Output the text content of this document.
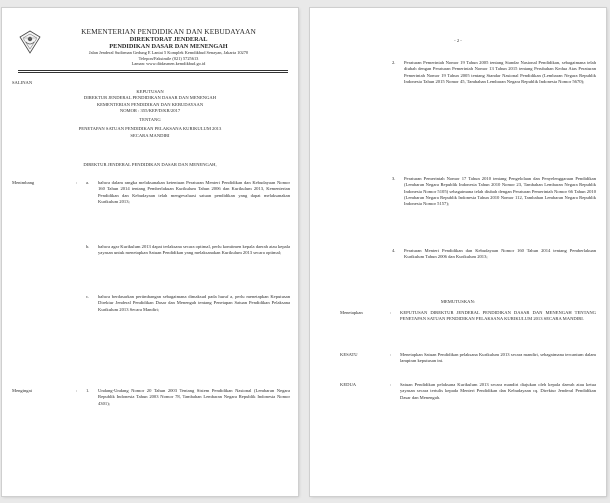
KEMENTERIAN PENDIDIKAN DAN KEBUDAYAAN
DIREKTORAT JENDERAL
PENDIDIKAN DASAR DAN MENENGAH
Jalan Jenderal Sudirman Gedung E Lantai 5 Komplek Kemdikbud Senayan, Jakarta 10270
Telepon/Faksimile (021) 5725613
Laman: www.ditdasmen.kemdikbud.go.id
SALINAN
KEPUTUSAN
DIREKTUR JENDERAL PENDIDIKAN DASAR DAN MENENGAH
KEMENTERIAN PENDIDIKAN DAN KEBUDAYAAN
NOMOR : 355/KEP/D/KR/2017
TENTANG
PENETAPAN SATUAN PENDIDIKAN PELAKSANA KURIKULUM 2013
SECARA MANDIRI
DIREKTUR JENDERAL PENDIDIKAN DASAR DAN MENENGAH,
Menimbang	: a.	bahwa dalam rangka melaksanakan ketentuan Peraturan Menteri Pendidikan dan Kebudayaan Nomor 160 Tahun 2014 tentang Pemberlakuan Kurikulum Tahun 2006 dan Kurikulum 2013, Kementerian Pendidikan dan Kebudayaan telah mengevaluasi satuan pendidikan yang dapat melaksanakan Kurikulum 2013;
b.	bahwa agar Kurikulum 2013 dapat terlaksana secara optimal, perlu komitmen kepala daerah atau kepala yayasan untuk menetapkan Satuan Pendidikan yang melaksanakan Kurikulum 2013 secara optimal;
c.	bahwa berdasarkan pertimbangan sebagaimana dimaksud pada huruf a, perlu menetapkan Keputusan Direktur Jenderal Pendidikan Dasar dan Menengah tentang Penetapan Satuan Pendidikan Pelaksana Kurikulum 2013 Secara Mandiri;
Mengingat	: 1.	Undang-Undang Nomor 20 Tahun 2003 Tentang Sistem Pendidikan Nasional (Lembaran Negara Republik Indonesia Tahun 2003 Nomor 78, Tambahan Lembaran Negara Republik Indonesia Nomor 4301);
- 2 -
2.	Peraturan Pemerintah Nomor 19 Tahun 2005 tentang Standar Nasional Pendidikan, sebagaimana telah diubah dengan Peraturan Pemerintah Nomor 13 Tahun 2015 tentang Perubahan Kedua Atas Peraturan Pemerintah Nomor 19 Tahun 2005 tentang Standar Nasional Pendidikan (Lembaran Negara Republik Indonesia Tahun 2015 Nomor 45, Tambahan Lembaran Negara Republik Indonesia Nomor 5670);
3.	Peraturan Pemerintah Nomor 17 Tahun 2010 tentang Pengelolaan dan Penyelenggaraan Pendidikan (Lembaran Negara Republik Indonesia Tahun 2010 Nomor 23, Tambahan Lembaran Negara Republik Indonesia Nomor 5105) sebagaimana telah diubah dengan Peraturan Pemerintah Nomor 66 Tahun 2010 (Lembaran Negara Republik Indonesia Tahun 2010 Nomor 112, Tambahan Lembaran Negara Republik Indonesia Nomor 5157);
4.	Peraturan Menteri Pendidikan dan Kebudayaan Nomor 160 Tahun 2014 tentang Pemberlakuan Kurikulum Tahun 2006 dan Kurikulum 2013;
MEMUTUSKAN:
Menetapkan	: KEPUTUSAN DIREKTUR JENDERAL PENDIDIKAN DASAR DAN MENENGAH TENTANG PENETAPAN SATUAN PENDIDIKAN PELAKSANA KURIKULUM 2013 SECARA MANDIRI.
KESATU	: Menetapkan Satuan Pendidikan pelaksana Kurikulum 2013 secara mandiri, sebagaimana tercantum dalam lampiran keputusan ini.
KEDUA	: Satuan Pendidikan pelaksana Kurikulum 2013 secara mandiri diajukan oleh kepala daerah atau ketua yayasan secara tertulis kepada Menteri Pendidikan dan Kebudayaan cq. Direktur Jenderal Pendidikan Dasar dan Menengah.
